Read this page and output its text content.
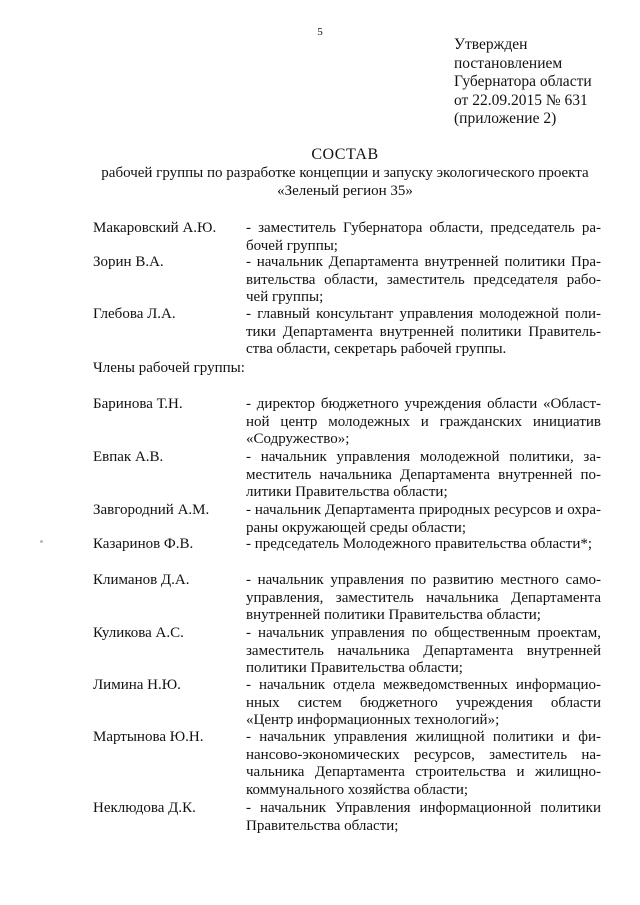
5
Утвержден
постановлением
Губернатора области
от 22.09.2015 № 631
(приложение 2)
СОСТАВ
рабочей группы по разработке концепции и запуску экологического проекта
«Зеленый регион 35»
Макаровский А.Ю. - заместитель Губернатора области, председатель ра-
бочей группы;
Зорин В.А.	- начальник Департамента внутренней политики Пра-
вительства области, заместитель председателя рабо-
чей группы;
Глебова Л.А.	- главный консультант управления молодежной поли-
тики Департамента внутренней политики Правитель-
ства области, секретарь рабочей группы.
Члены рабочей группы:
Баринова Т.Н.	- директор бюджетного учреждения области «Област-
ной центр молодежных и гражданских инициатив
«Содружество»;
Евпак А.В.	- начальник управления молодежной политики, за-
меститель начальника Департамента внутренней по-
литики Правительства области;
Завгородний А.М. - начальник Департамента природных ресурсов и охра-
раны окружающей среды области;
Казаринов Ф.В.	- председатель Молодежного правительства области*;
Климанов Д.А.	- начальник управления по развитию местного само-
управления, заместитель начальника Департамента
внутренней политики Правительства области;
Куликова А.С.	- начальник управления по общественным проектам,
заместитель начальника Департамента внутренней
политики Правительства области;
Лимина Н.Ю.	- начальник отдела межведомственных информацио-
нных систем бюджетного учреждения области
«Центр информационных технологий»;
Мартынова Ю.Н.	- начальник управления жилищной политики и фи-
нансово-экономических ресурсов, заместитель на-
чальника Департамента строительства и жилищно-
коммунального хозяйства области;
Неклюдова Д.К.	- начальник Управления информационной политики
Правительства области;
